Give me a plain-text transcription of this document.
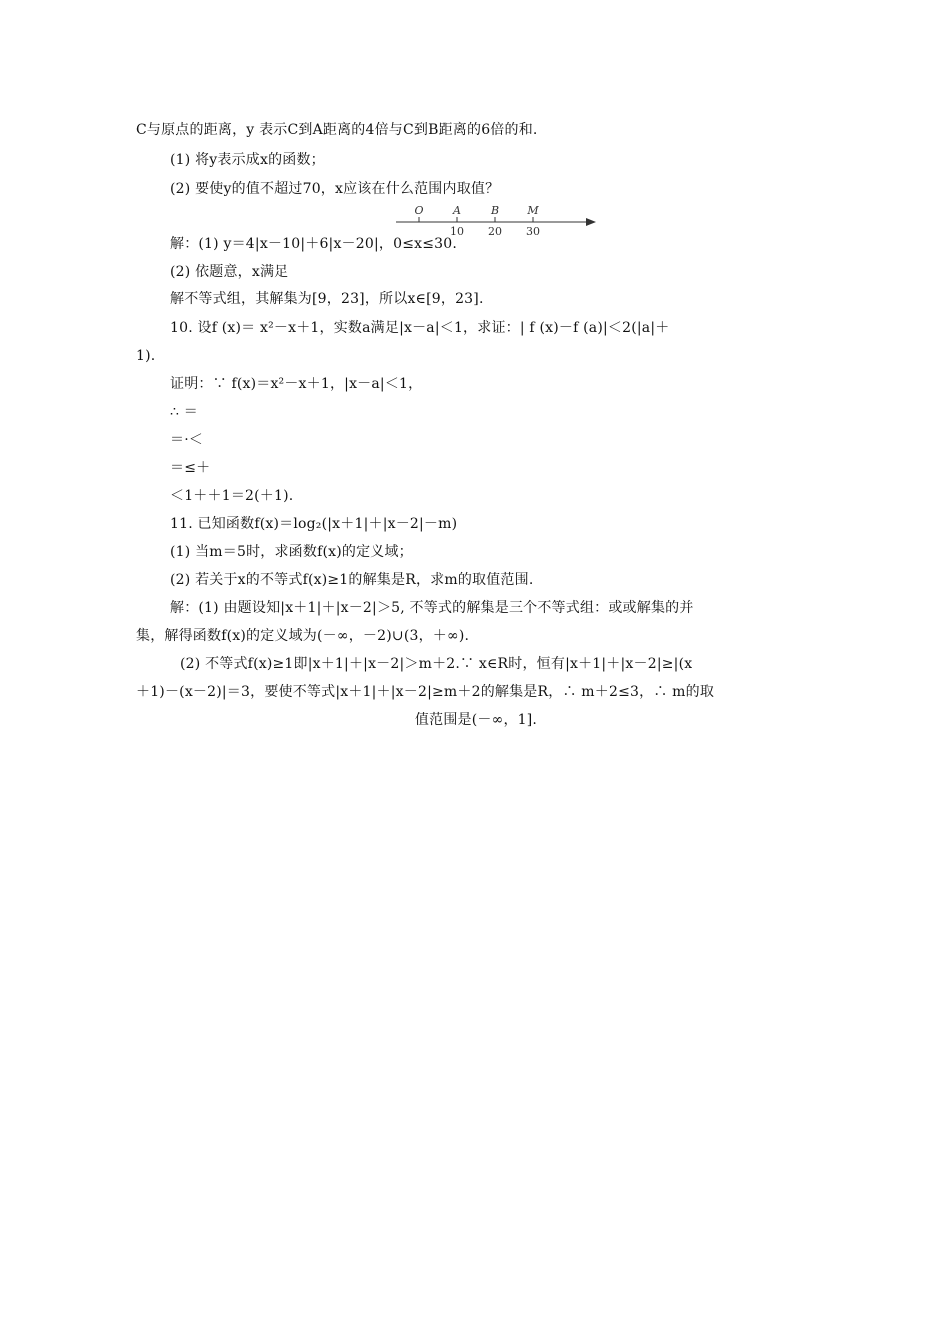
C与原点的距离，y 表示C到A距离的4倍与C到B距离的6倍的和.
(1) 将y表示成x的函数；
(2) 要使y的值不超过70，x应该在什么范围内取值？
O	A	B	M
10 20 30
解：(1) y＝4|x－10|＋6|x－20|，0≤x≤30.
(2) 依题意，x满足
解不等式组，其解集为[9，23]，所以x∈[9，23].
10. 设f (x)＝ x²－x＋1，实数a满足|x－a|＜1，求证：| f (x)－f (a)|＜2(|a|＋
1).
证明：∵ f(x)＝x²－x＋1，|x－a|＜1，
∴ ＝
＝·＜
＝≤＋
＜1＋＋1＝2(＋1).
11. 已知函数f(x)＝log₂(|x＋1|＋|x－2|－m)
(1) 当m＝5时，求函数f(x)的定义域；
(2) 若关于x的不等式f(x)≥1的解集是R，求m的取值范围.
解：(1) 由题设知|x＋1|＋|x－2|＞5, 不等式的解集是三个不等式组：或或解集的并
集，解得函数f(x)的定义域为(－∞，－2)∪(3，＋∞).
(2) 不等式f(x)≥1即|x＋1|＋|x－2|＞m＋2.∵ x∈R时，恒有|x＋1|＋|x－2|≥|(x
＋1)－(x－2)|＝3，要使不等式|x＋1|＋|x－2|≥m＋2的解集是R，∴ m＋2≤3，∴ m的取
值范围是(－∞，1].
